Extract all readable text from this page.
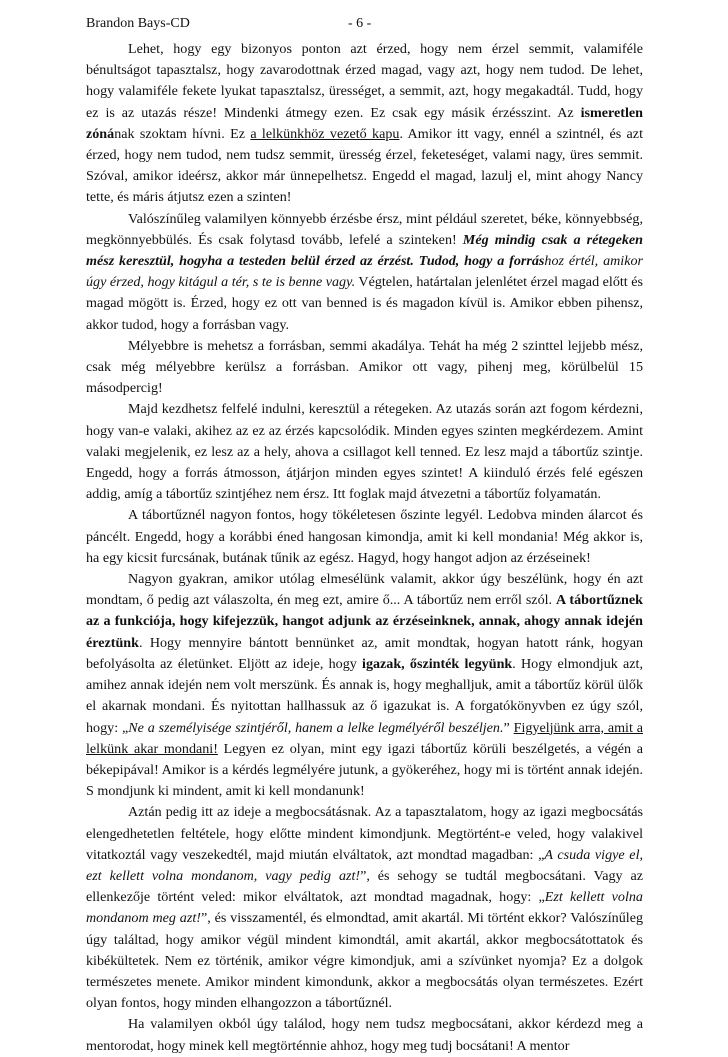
Brandon Bays-CD	- 6 -

Lehet, hogy egy bizonyos ponton azt érzed, hogy nem érzel semmit, valamiféle bénultságot tapasztalsz, hogy zavarodottnak érzed magad, vagy azt, hogy nem tudod. De lehet, hogy valamiféle fekete lyukat tapasztalsz, ürességet, a semmit, azt, hogy megakadtál. Tudd, hogy ez is az utazás része! Mindenki átmegy ezen. Ez csak egy másik érzésszint. Az ismeretlen zónának szoktam hívni. Ez a lelkünkhöz vezető kapu. Amikor itt vagy, ennél a szintnél, és azt érzed, hogy nem tudod, nem tudsz semmit, üresség érzel, feketeséget, valami nagy, üres semmit. Szóval, amikor ideérsz, akkor már ünnepelhetsz. Engedd el magad, lazulj el, mint ahogy Nancy tette, és máris átjutsz ezen a szinten!

Valószínűleg valamilyen könnyebb érzésbe érsz, mint például szeretet, béke, könnyebbség, megkönnyebbülés. És csak folytasd tovább, lefelé a szinteken! Még mindig csak a rétegeken mész keresztül, hogyha a testeden belül érzed az érzést. Tudod, hogy a forráshoz értél, amikor úgy érzed, hogy kitágul a tér, s te is benne vagy. Végtelen, határtalan jelenlétet érzel magad előtt és magad mögött is. Érzed, hogy ez ott van benned is és magadon kívül is. Amikor ebben pihensz, akkor tudod, hogy a forrásban vagy.

Mélyebbre is mehetsz a forrásban, semmi akadálya. Tehát ha még 2 szinttel lejjebb mész, csak még mélyebbre kerülsz a forrásban. Amikor ott vagy, pihenj meg, körülbelül 15 másodpercig!

Majd kezdhetsz felfelé indulni, keresztül a rétegeken. Az utazás során azt fogom kérdezni, hogy van-e valaki, akihez az ez az érzés kapcsolódik. Minden egyes szinten megkérdezem. Amint valaki megjelenik, ez lesz az a hely, ahova a csillagot kell tenned. Ez lesz majd a tábortűz szintje. Engedd, hogy a forrás átmosson, átjárjon minden egyes szintet! A kiinduló érzés felé egészen addig, amíg a tábortűz szintjéhez nem érsz. Itt foglak majd átvezetni a tábortűz folyamatán.

A tábortűznél nagyon fontos, hogy tökéletesen őszinte legyél. Ledobva minden álarcot és páncélt. Engedd, hogy a korábbi éned hangosan kimondja, amit ki kell mondania! Még akkor is, ha egy kicsit furcsának, butának tűnik az egész. Hagyd, hogy hangot adjon az érzéseinek!

Nagyon gyakran, amikor utólag elmesélünk valamit, akkor úgy beszélünk, hogy én azt mondtam, ő pedig azt válaszolta, én meg ezt, amire ő... A tábortűz nem erről szól. A tábortűznek az a funkciója, hogy kifejezzük, hangot adjunk az érzéseinknek, annak, ahogy annak idején éreztünk. Hogy mennyire bántott bennünket az, amit mondtak, hogyan hatott ránk, hogyan befolyásolta az életünket. Eljött az ideje, hogy igazak, őszinték legyünk. Hogy elmondjuk azt, amihez annak idején nem volt merszünk. És annak is, hogy meghalljuk, amit a tábortűz körül ülők el akarnak mondani. És nyitottan hallhassuk az ő igazukat is. A forgatókönyvben ez úgy szól, hogy: „Ne a személyisége szintjéről, hanem a lelke legmélyéről beszéljen.” Figyeljünk arra, amit a lelkünk akar mondani! Legyen ez olyan, mint egy igazi tábortűz körüli beszélgetés, a végén a békepipával! Amikor is a kérdés legmélyére jutunk, a gyökeréhez, hogy mi is történt annak idején. S mondjunk ki mindent, amit ki kell mondanunk!

Aztán pedig itt az ideje a megbocsátásnak. Az a tapasztalatom, hogy az igazi megbocsátás elengedhetetlen feltétele, hogy előtte mindent kimondjunk. Megtörtént-e veled, hogy valakivel vitatkoztál vagy veszekedtél, majd miután elváltatok, azt mondtad magadban: „A csudа vigye el, ezt kellett volna mondanom, vagy pedig azt!”, és sehogy se tudtál megbocsátani. Vagy az ellenkezője történt veled: mikor elváltatok, azt mondtad magadnak, hogy: „Ezt kellett volna mondanom meg azt!”, és visszamentél, és elmondtad, amit akartál. Mi történt ekkor? Valószínűleg úgy találtad, hogy amikor végül mindent kimondtál, amit akartál, akkor megbocsátottatok és kibékültetek. Nem ez történik, amikor végre kimondjuk, ami a szívünket nyomja? Ez a dolgok természetes menete. Amikor mindent kimondunk, akkor a megbocsátás olyan természetes. Ezért olyan fontos, hogy minden elhangozzon a tábortűznél.

Ha valamilyen okból úgy találod, hogy nem tudsz megbocsátani, akkor kérdezd meg a mentorodat, hogy minek kell megtörténnie ahhoz, hogy meg tudj bocsátani! A mentor
